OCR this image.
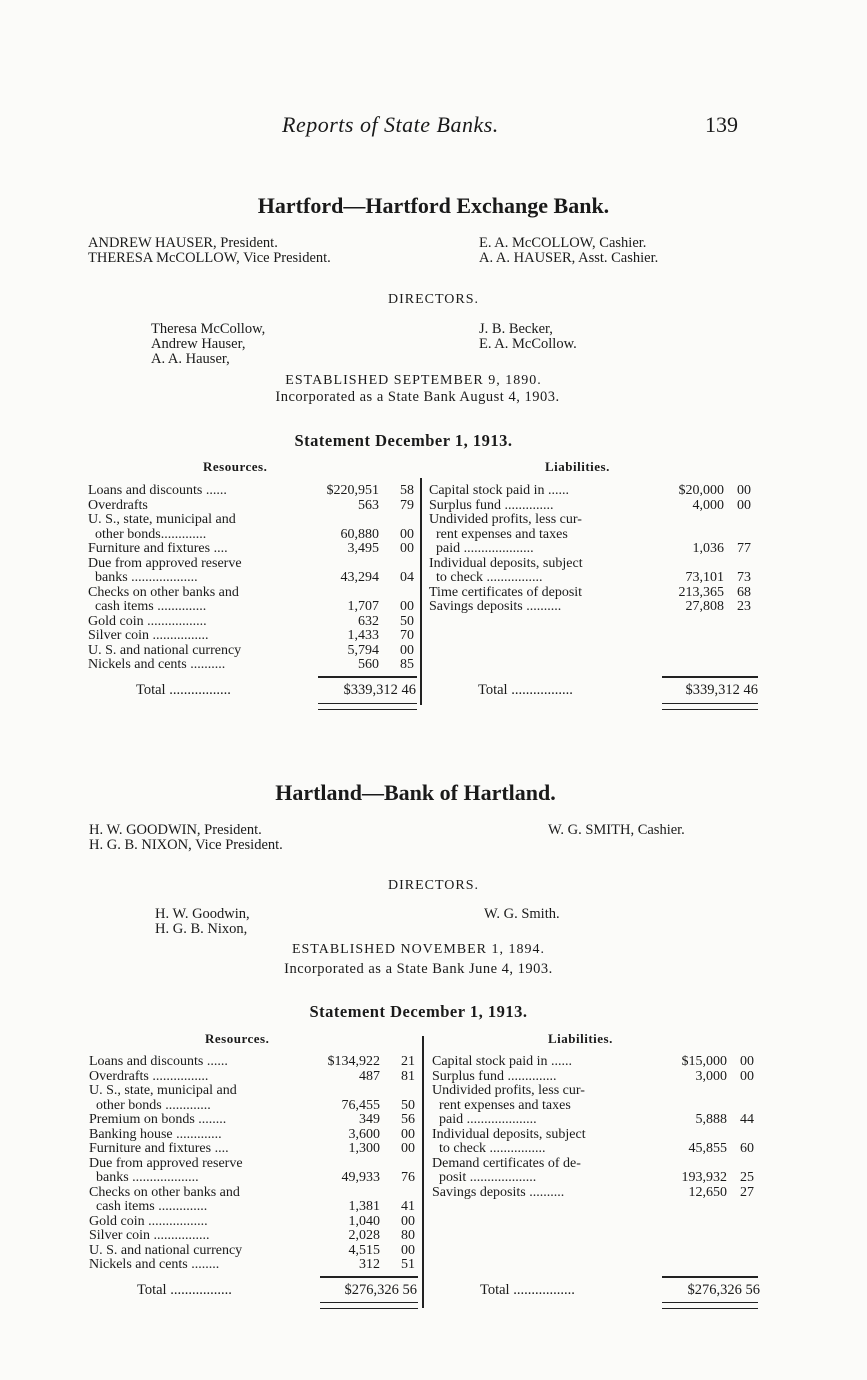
Reports of State Banks.	139
Hartford—Hartford Exchange Bank.
ANDREW HAUSER, President.
THERESA McCOLLOW, Vice President.
E. A. McCOLLOW, Cashier.
A. A. HAUSER, Asst. Cashier.
DIRECTORS.
Theresa McCollow,
Andrew Hauser,
A. A. Hauser,
J. B. Becker,
E. A. McCollow.
ESTABLISHED SEPTEMBER 9, 1890.
Incorporated as a State Bank August 4, 1903.
Statement December 1, 1913.
Resources.	Liabilities.
Loans and discounts ......	$220,951 58
Overdrafts	563 79
U. S., state, municipal and
other bonds.............	60,880 00
Furniture and fixtures ....	3,495 00
Due from approved reserve
banks ...................	43,294 04
Checks on other banks and
cash items ..............	1,707 00
Gold coin .................	632 50
Silver coin ................	1,433 70
U. S. and national currency	5,794 00
Nickels and cents ..........	560 85
Capital stock paid in ......	$20,000 00
Surplus fund ..............	4,000 00
Undivided profits, less cur-
rent expenses and taxes
paid ....................	1,036 77
Individual deposits, subject
to check ................	73,101 73
Time certificates of deposit	213,365 68
Savings deposits ..........	27,808 23
Total .................	$339,312 46	Total .................	$339,312 46
Hartland—Bank of Hartland.
H. W. GOODWIN, President.
H. G. B. NIXON, Vice President.
W. G. SMITH, Cashier.
DIRECTORS.
H. W. Goodwin,
H. G. B. Nixon,
W. G. Smith.
ESTABLISHED NOVEMBER 1, 1894.
Incorporated as a State Bank June 4, 1903.
Statement December 1, 1913.
Resources.	Liabilities.
Loans and discounts ......	$134,922 21
Overdrafts ................	487 81
U. S., state, municipal and
other bonds .............	76,455 50
Premium on bonds ........	349 56
Banking house .............	3,600 00
Furniture and fixtures ....	1,300 00
Due from approved reserve
banks ...................	49,933 76
Checks on other banks and
cash items ..............	1,381 41
Gold coin .................	1,040 00
Silver coin ................	2,028 80
U. S. and national currency	4,515 00
Nickels and cents ........	312 51
Capital stock paid in ......	$15,000 00
Surplus fund ..............	3,000 00
Undivided profits, less cur-
rent expenses and taxes
paid ....................	5,888 44
Individual deposits, subject
to check ................	45,855 60
Demand certificates of de-
posit ...................	193,932 25
Savings deposits ..........	12,650 27
Total .................	$276,326 56	Total .................	$276,326 56
